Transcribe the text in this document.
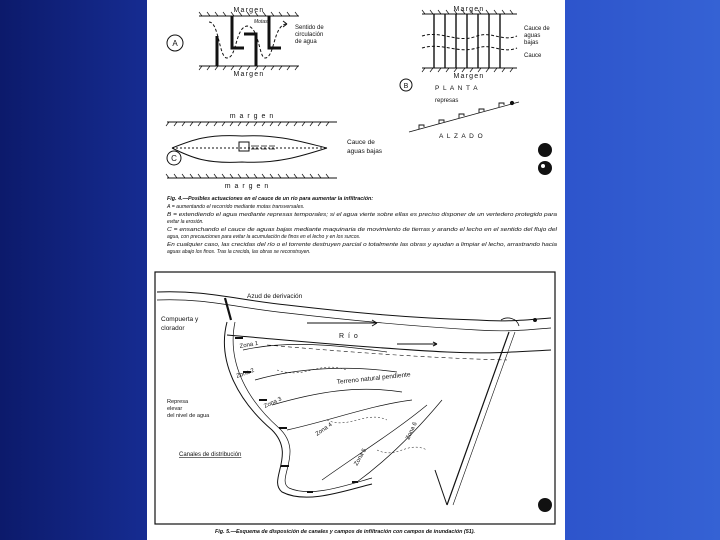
Margen
Margen
Motas
Sentido de
circulación
de agua
A
Margen
Margen
Cauce de
aguas
bajas
Cauce
B	P L A N T A
represas
A L Z A D O
m a r g e n
m a r g e n
Cauce de
aguas bajas
C
Fig. 4.—Posibles actuaciones en el cauce de un río para aumentar la infiltración:
A = aumentando el recorrido mediante motas transversales.
B = extendiendo el agua mediante represas temporales; si el agua vierte sobre ellas es preciso disponer de un vertedero protegido para
evitar la erosión.
C = ensanchando el cauce de aguas bajas mediante maquinaria de movimiento de tierras y arando el lecho en el sentido del flujo del
agua, con precauciones para evitar la acumulación de finos en el lecho y en los surcos.
En cualquier caso, las crecidas del río o el torrente destruyen parcial o totalmente las obras y ayudan a limpiar el lecho, arrastrando hacia
aguas abajo los finos. Tras la crecida, las obras se reconstruyen.
Azud de derivación
Compuerta y
clorador
R í o
Terreno natural pendiente
Zona 1
Zona 2
Zona 3
Zona 4
Zona 5
Zona 6
Represa
elevar
del nivel de agua
Canales de distribución
Fig. 5.—Esquema de disposición de canales y campos de infiltración con campos de inundación (51).
